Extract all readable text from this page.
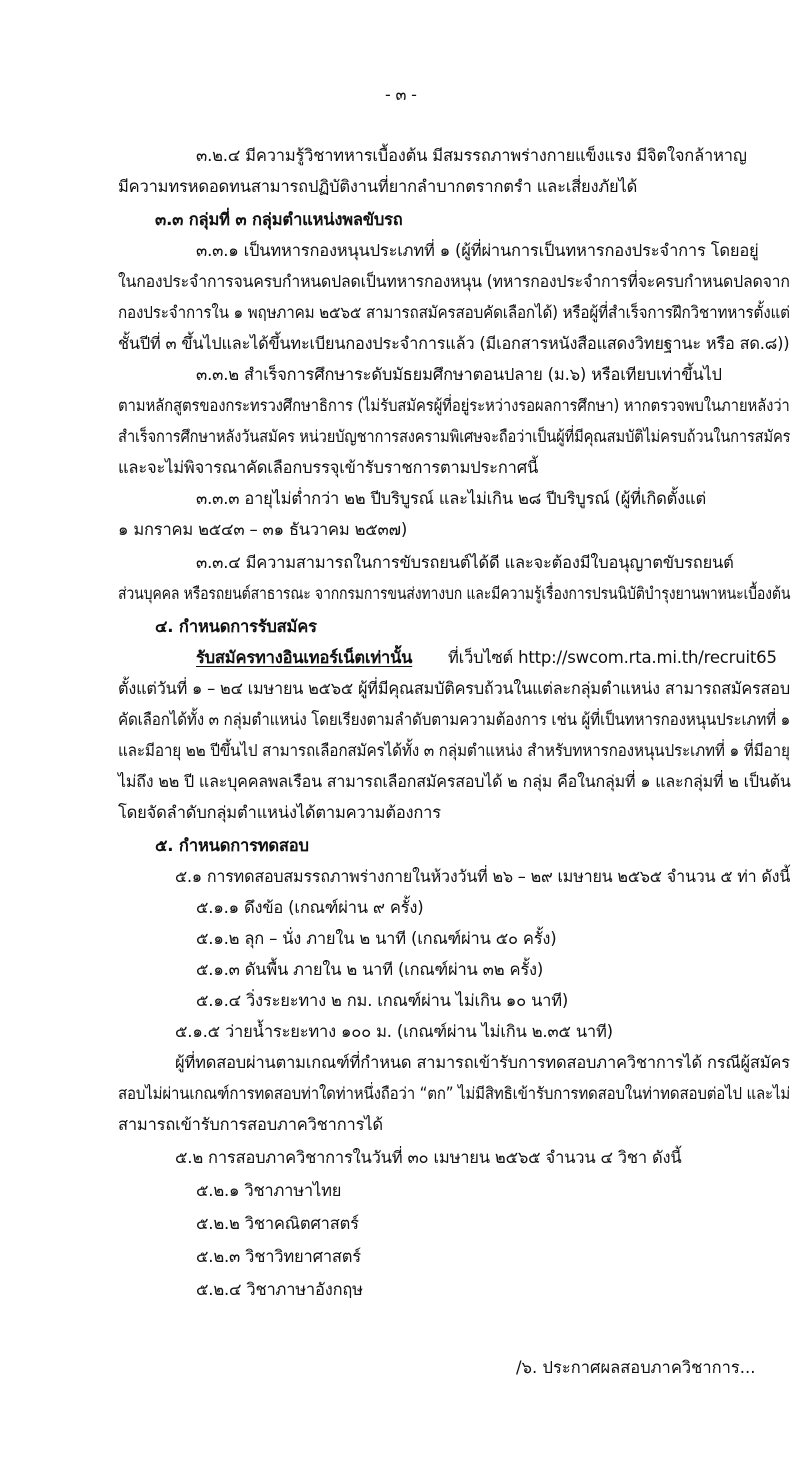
- ๓ -
๓.๒.๔ มีความรู้วิชาทหารเบื้องต้น มีสมรรถภาพร่างกายแข็งแรง มีจิตใจกล้าหาญ
มีความทรหดอดทนสามารถปฏิบัติงานที่ยากลำบากตรากตรำ และเสี่ยงภัยได้
๓.๓ กลุ่มที่ ๓ กลุ่มตำแหน่งพลขับรถ
๓.๓.๑ เป็นทหารกองหนุนประเภทที่ ๑ (ผู้ที่ผ่านการเป็นทหารกองประจำการ โดยอยู่
ในกองประจำการจนครบกำหนดปลดเป็นทหารกองหนุน (ทหารกองประจำการที่จะครบกำหนดปลดจาก
กองประจำการใน ๑ พฤษภาคม ๒๕๖๕ สามารถสมัครสอบคัดเลือกได้) หรือผู้ที่สำเร็จการฝึกวิชาทหารตั้งแต่
ชั้นปีที่ ๓ ขึ้นไปและได้ขึ้นทะเบียนกองประจำการแล้ว (มีเอกสารหนังสือแสดงวิทยฐานะ หรือ สด.๘))
๓.๓.๒ สำเร็จการศึกษาระดับมัธยมศึกษาตอนปลาย (ม.๖) หรือเทียบเท่าขึ้นไป
ตามหลักสูตรของกระทรวงศึกษาธิการ (ไม่รับสมัครผู้ที่อยู่ระหว่างรอผลการศึกษา) หากตรวจพบในภายหลังว่า
สำเร็จการศึกษาหลังวันสมัคร หน่วยบัญชาการสงครามพิเศษจะถือว่าเป็นผู้ที่มีคุณสมบัติไม่ครบถ้วนในการสมัคร
และจะไม่พิจารณาคัดเลือกบรรจุเข้ารับราชการตามประกาศนี้
๓.๓.๓ อายุไม่ต่ำกว่า ๒๒ ปีบริบูรณ์ และไม่เกิน ๒๘ ปีบริบูรณ์ (ผู้ที่เกิดตั้งแต่
๑ มกราคม ๒๕๔๓ – ๓๑ ธันวาคม ๒๕๓๗)
๓.๓.๔ มีความสามารถในการขับรถยนต์ได้ดี และจะต้องมีใบอนุญาตขับรถยนต์
ส่วนบุคคล หรือรถยนต์สาธารณะ จากกรมการขนส่งทางบก และมีความรู้เรื่องการปรนนิบัติบำรุงยานพาหนะเบื้องต้น
๔. กำหนดการรับสมัคร
รับสมัครทางอินเทอร์เน็ตเท่านั้น ที่เว็บไซต์ http://swcom.rta.mi.th/recruit65
ตั้งแต่วันที่ ๑ – ๒๔ เมษายน ๒๕๖๕ ผู้ที่มีคุณสมบัติครบถ้วนในแต่ละกลุ่มตำแหน่ง สามารถสมัครสอบ
คัดเลือกได้ทั้ง ๓ กลุ่มตำแหน่ง โดยเรียงตามลำดับตามความต้องการ เช่น ผู้ที่เป็นทหารกองหนุนประเภทที่ ๑
และมีอายุ ๒๒ ปีขึ้นไป สามารถเลือกสมัครได้ทั้ง ๓ กลุ่มตำแหน่ง สำหรับทหารกองหนุนประเภทที่ ๑ ที่มีอายุ
ไม่ถึง ๒๒ ปี และบุคคลพลเรือน สามารถเลือกสมัครสอบได้ ๒ กลุ่ม คือในกลุ่มที่ ๑ และกลุ่มที่ ๒ เป็นต้น
โดยจัดลำดับกลุ่มตำแหน่งได้ตามความต้องการ
๕. กำหนดการทดสอบ
๕.๑ การทดสอบสมรรถภาพร่างกายในห้วงวันที่ ๒๖ – ๒๙ เมษายน ๒๕๖๕ จำนวน ๕ ท่า ดังนี้
๕.๑.๑ ดึงข้อ (เกณฑ์ผ่าน ๙ ครั้ง)
๕.๑.๒ ลุก – นั่ง ภายใน ๒ นาที (เกณฑ์ผ่าน ๕๐ ครั้ง)
๕.๑.๓ ดันพื้น ภายใน ๒ นาที (เกณฑ์ผ่าน ๓๒ ครั้ง)
๕.๑.๔ วิ่งระยะทาง ๒ กม. เกณฑ์ผ่าน ไม่เกิน ๑๐ นาที)
๕.๑.๕ ว่ายน้ำระยะทาง ๑๐๐ ม. (เกณฑ์ผ่าน ไม่เกิน ๒.๓๕ นาที)
ผู้ที่ทดสอบผ่านตามเกณฑ์ที่กำหนด สามารถเข้ารับการทดสอบภาควิชาการได้ กรณีผู้สมัคร
สอบไม่ผ่านเกณฑ์การทดสอบท่าใดท่าหนึ่งถือว่า “ตก” ไม่มีสิทธิเข้ารับการทดสอบในท่าทดสอบต่อไป และไม่
สามารถเข้ารับการสอบภาควิชาการได้
๕.๒ การสอบภาควิชาการในวันที่ ๓๐ เมษายน ๒๕๖๕ จำนวน ๔ วิชา ดังนี้
๕.๒.๑ วิชาภาษาไทย
๕.๒.๒ วิชาคณิตศาสตร์
๕.๒.๓ วิชาวิทยาศาสตร์
๕.๒.๔ วิชาภาษาอังกฤษ
/๖. ประกาศผลสอบภาควิชาการ...
